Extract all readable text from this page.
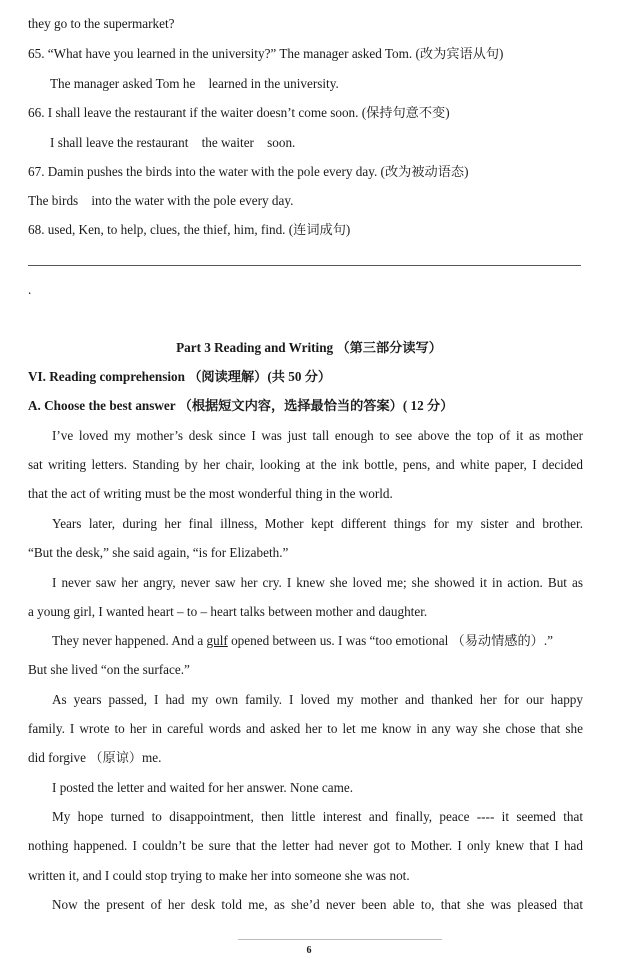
they go to the supermarket?
65. “What have you learned in the university?” The manager asked Tom. (改为宾语从句)
The manager asked Tom he    learned in the university.
66. I shall leave the restaurant if the waiter doesn’t come soon. (保持句意不变)
I shall leave the restaurant    the waiter    soon.
67. Damin pushes the birds into the water with the pole every day. (改为被动语态)
The birds    into the water with the pole every day.
68. used, Ken, to help, clues, the thief, him, find. (连词成句)
.
Part 3 Reading and Writing （第三部分读写）
VI. Reading comprehension （阅读理解）(共 50 分）
A. Choose the best answer （根据短文内容，选择最恰当的答案）( 12 分）
I’ve loved my mother’s desk since I was just tall enough to see above the top of it as mother
sat writing letters. Standing by her chair, looking at the ink bottle, pens, and white paper, I decided
that the act of writing must be the most wonderful thing in the world.
Years later, during her final illness, Mother kept different things for my sister and brother.
“But the desk,” she said again, “is for Elizabeth.”
I never saw her angry, never saw her cry. I knew she loved me; she showed it in action. But as
a young girl, I wanted heart – to – heart talks between mother and daughter.
They never happened. And a gulf opened between us. I was “too emotional （易动情感的）.”
But she lived “on the surface.”
As years passed, I had my own family. I loved my mother and thanked her for our happy
family. I wrote to her in careful words and asked her to let me know in any way she chose that she
did forgive （原谅）me.
I posted the letter and waited for her answer. None came.
My hope turned to disappointment, then little interest and finally, peace ---- it seemed that
nothing happened. I couldn’t be sure that the letter had never got to Mother. I only knew that I had
written it, and I could stop trying to make her into someone she was not.
Now the present of her desk told me, as she’d never been able to, that she was pleased that
6
